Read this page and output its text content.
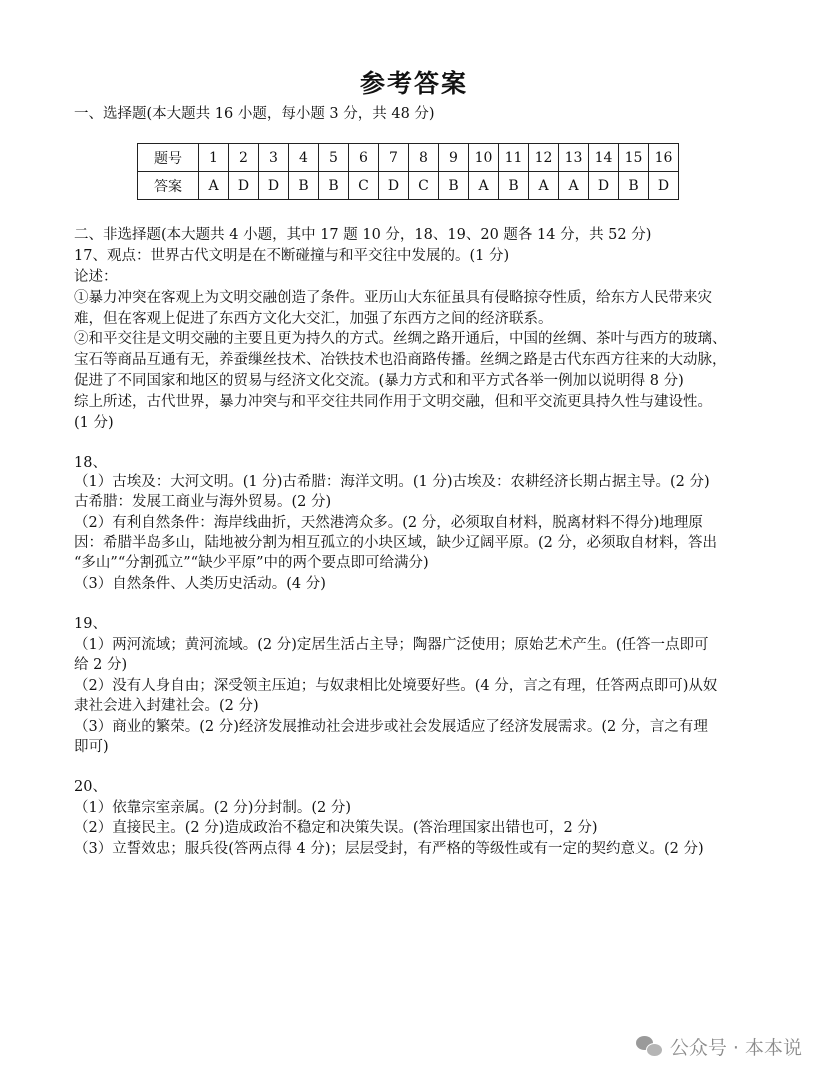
参考答案
一、选择题(本大题共 16 小题，每小题 3 分，共 48 分)
题号	1	2	3	4	5	6	7	8	9	10	11	12	13	14	15	16
答案	A	D	D	B	B	C	D	C	B	A	B	A	A	D	B	D
二、非选择题(本大题共 4 小题，其中 17 题 10 分，18、19、20 题各 14 分，共 52 分)
17、观点：世界古代文明是在不断碰撞与和平交往中发展的。(1 分)
论述：
①暴力冲突在客观上为文明交融创造了条件。亚历山大东征虽具有侵略掠夺性质，给东方人民带来灾
难，但在客观上促进了东西方文化大交汇，加强了东西方之间的经济联系。
②和平交往是文明交融的主要且更为持久的方式。丝绸之路开通后，中国的丝绸、茶叶与西方的玻璃、
宝石等商品互通有无，养蚕缫丝技术、冶铁技术也沿商路传播。丝绸之路是古代东西方往来的大动脉，
促进了不同国家和地区的贸易与经济文化交流。(暴力方式和和平方式各举一例加以说明得 8 分)
综上所述，古代世界，暴力冲突与和平交往共同作用于文明交融，但和平交流更具持久性与建设性。
(1 分)
18、
（1）古埃及：大河文明。(1 分)古希腊：海洋文明。(1 分)古埃及：农耕经济长期占据主导。(2 分)
古希腊：发展工商业与海外贸易。(2 分)
（2）有利自然条件：海岸线曲折，天然港湾众多。(2 分，必须取自材料，脱离材料不得分)地理原
因：希腊半岛多山，陆地被分割为相互孤立的小块区域，缺少辽阔平原。(2 分，必须取自材料，答出
“多山”“分割孤立”“缺少平原”中的两个要点即可给满分)
（3）自然条件、人类历史活动。(4 分)
19、
（1）两河流域；黄河流域。(2 分)定居生活占主导；陶器广泛使用；原始艺术产生。(任答一点即可
给 2 分)
（2）没有人身自由；深受领主压迫；与奴隶相比处境要好些。(4 分，言之有理，任答两点即可)从奴
隶社会进入封建社会。(2 分)
（3）商业的繁荣。(2 分)经济发展推动社会进步或社会发展适应了经济发展需求。(2 分，言之有理
即可)
20、
（1）依靠宗室亲属。(2 分)分封制。(2 分)
（2）直接民主。(2 分)造成政治不稳定和决策失误。(答治理国家出错也可，2 分)
（3）立誓效忠；服兵役(答两点得 4 分)；层层受封，有严格的等级性或有一定的契约意义。(2 分)
公众号 · 本本说
